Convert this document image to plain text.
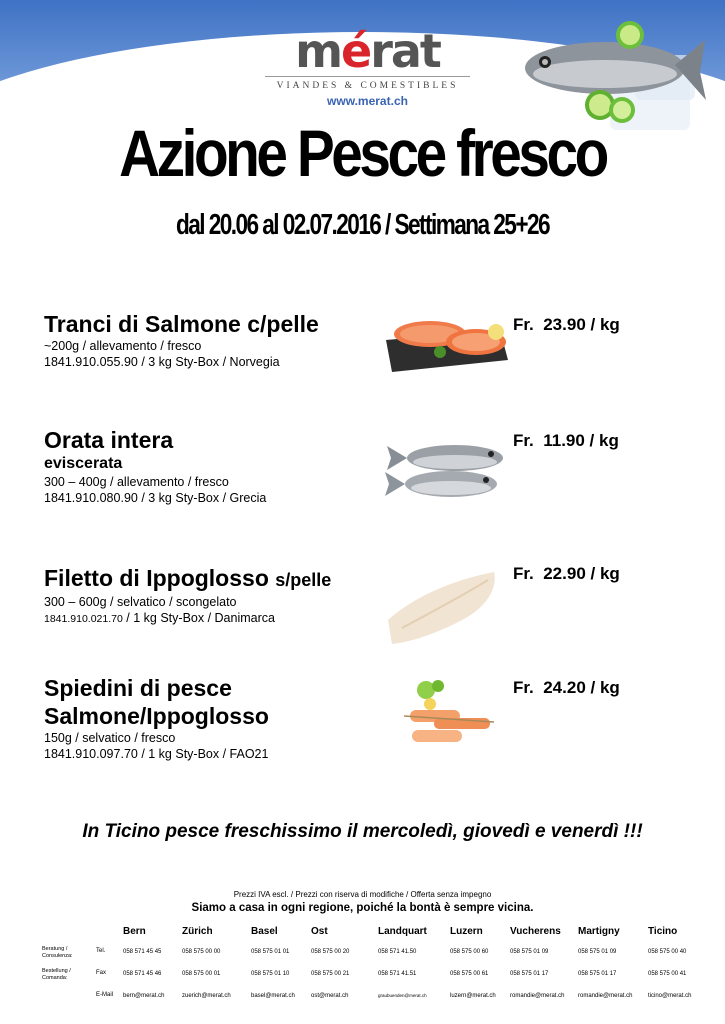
mérat
VIANDES & COMESTIBLES
www.merat.ch
Azione Pesce fresco
dal 20.06 al 02.07.2016 / Settimana 25+26
Tranci di Salmone c/pelle
~200g / allevamento / fresco
1841.910.055.90 / 3 kg Sty-Box / Norvegia
Fr.  23.90 / kg
Orata intera
eviscerata
300 – 400g / allevamento / fresco
1841.910.080.90 / 3 kg Sty-Box / Grecia
Fr.  11.90 / kg
Filetto di Ippoglosso s/pelle
300 – 600g / selvatico / scongelato
1841.910.021.70 / 1 kg Sty-Box / Danimarca
Fr.  22.90 / kg
Spiedini di pesce
Salmone/Ippoglosso
150g / selvatico / fresco
1841.910.097.70 / 1 kg Sty-Box / FAO21
Fr.  24.20 / kg
In Ticino pesce freschissimo il mercoledì, giovedì e venerdì !!!
Prezzi IVA escl. / Prezzi con riserva di modifiche / Offerta senza impegno
Siamo a casa in ogni regione, poiché la bontà è sempre vicina.
Bern	Zürich	Basel	Ost	Landquart Luzern	Vucherens Martigny	Ticino
Beratung / Consulenza:
Tel.	058 571 45 45	058 575 00 00	058 575 01 01	058 575 00 20	058 571 41.50	058 575 00 60	058 575 01 09	058 575 01 09	058 575 00 40
Bestellung / Comanda:
Fax	058 571 45 46	058 575 00 01	058 575 01 10	058 575 00 21	058 571 41.51	058 575 00 61	058 575 01 17	058 575 01 17	058 575 00 41
E-Mail bern@merat.ch	zuerich@merat.ch	basel@merat.ch	ost@merat.ch	graubuenden@merat.ch	luzern@merat.ch romandie@merat.ch romandie@merat.ch	ticino@merat.ch
